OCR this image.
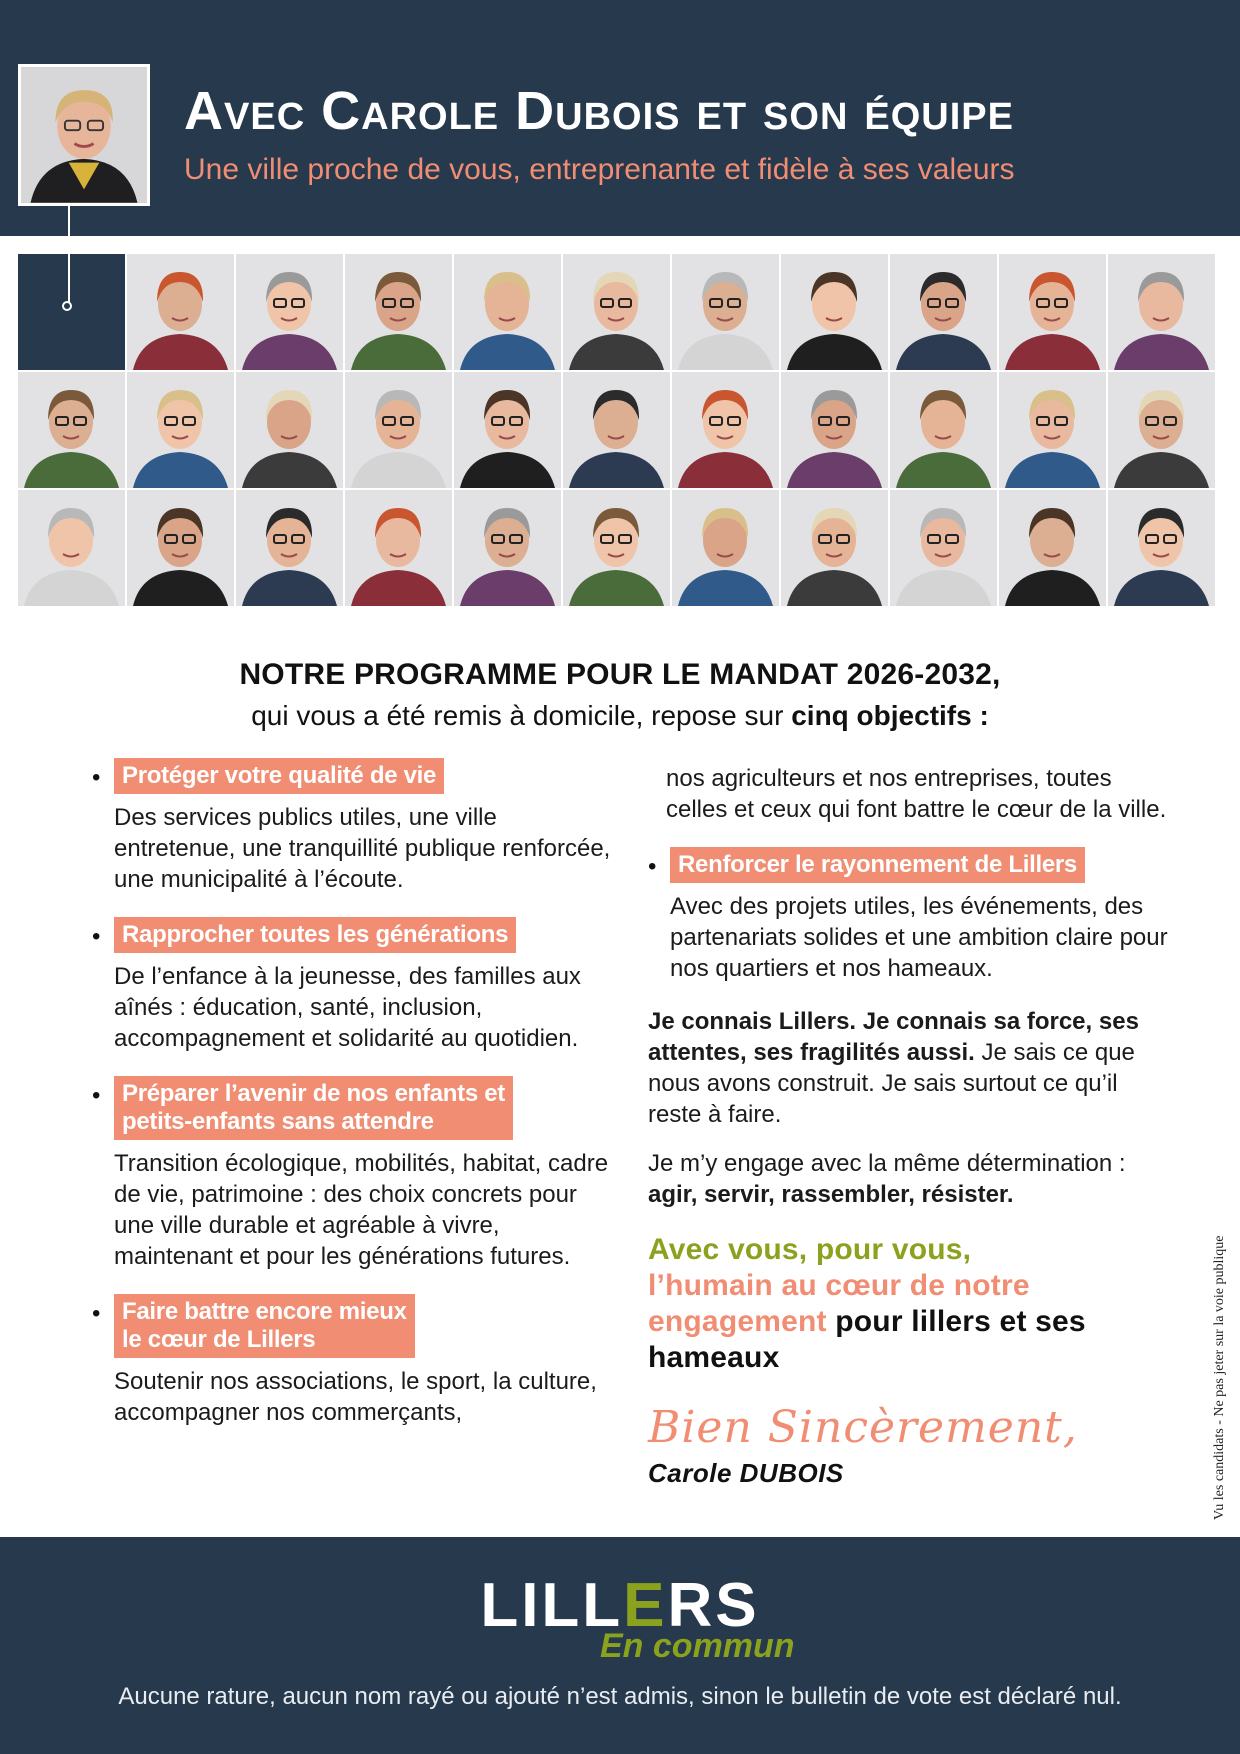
Avec Carole Dubois et son équipe
Une ville proche de vous, entreprenante et fidèle à ses valeurs
NOTRE PROGRAMME POUR LE MANDAT 2026-2032,
qui vous a été remis à domicile, repose sur cinq objectifs :
• Protéger votre qualité de vie
Des services publics utiles, une ville entretenue, une tranquillité publique renforcée, une municipalité à l’écoute.
• Rapprocher toutes les générations
De l’enfance à la jeunesse, des familles aux aînés : éducation, santé, inclusion, accompagnement et solidarité au quotidien.
• Préparer l’avenir de nos enfants et
petits-enfants sans attendre
Transition écologique, mobilités, habitat, cadre de vie, patrimoine : des choix concrets pour une ville durable et agréable à vivre, maintenant et pour les générations futures.
• Faire battre encore mieux
le cœur de Lillers
Soutenir nos associations, le sport, la culture, accompagner nos commerçants,
nos agriculteurs et nos entreprises, toutes celles et ceux qui font battre le cœur de la ville.
• Renforcer le rayonnement de Lillers
Avec des projets utiles, les événements, des partenariats solides et une ambition claire pour nos quartiers et nos hameaux.
Je connais Lillers. Je connais sa force, ses attentes, ses fragilités aussi. Je sais ce que nous avons construit. Je sais surtout ce qu’il reste à faire.
Je m’y engage avec la même détermination :
agir, servir, rassembler, résister.
Avec vous, pour vous,
l’humain au cœur de notre
engagement pour lillers et ses hameaux
Bien Sincèrement,
Carole DUBOIS	Vu les candidats - Ne pas jeter sur la voie publique
LILLERS
En commun
Aucune rature, aucun nom rayé ou ajouté n’est admis, sinon le bulletin de vote est déclaré nul.
